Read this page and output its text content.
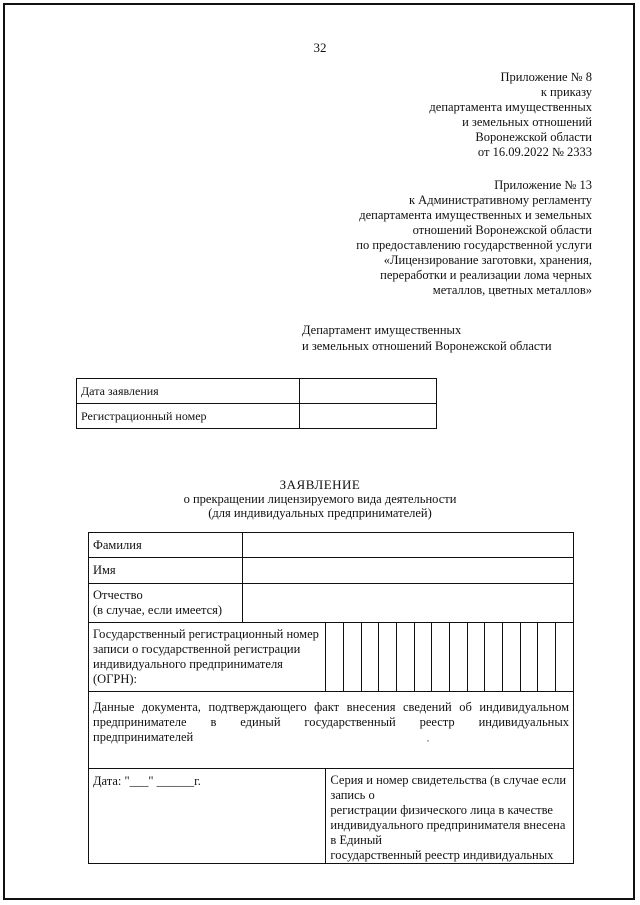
32
Приложение № 8
к приказу
департамента имущественных
и земельных отношений
Воронежской области
от 16.09.2022 № 2333
Приложение № 13
к Административному регламенту
департамента имущественных и земельных
отношений Воронежской области
по предоставлению государственной услуги
«Лицензирование заготовки, хранения,
переработки и реализации лома черных
металлов, цветных металлов»
Департамент имущественных
и земельных отношений Воронежской области
Дата заявления	
Регистрационный номер	
ЗАЯВЛЕНИЕ
о прекращении лицензируемого вида деятельности
(для индивидуальных предпринимателей)
Фамилия															
Имя															

Отчество
(в случае, если имеется)															

Государственный регистрационный номер
записи о государственной регистрации
индивидуального предпринимателя
(ОГРН):															

Данные документа, подтверждающего факт внесения сведений об индивидуальном
предпринимателе в единый государственный реестр индивидуальных
предпринимателей															

Дата: "___" ______г.		Серия и номер свидетельства (в случае если запись о
регистрации физического лица в качестве
индивидуального предпринимателя внесена в Единый
государственный реестр индивидуальных													
˙
